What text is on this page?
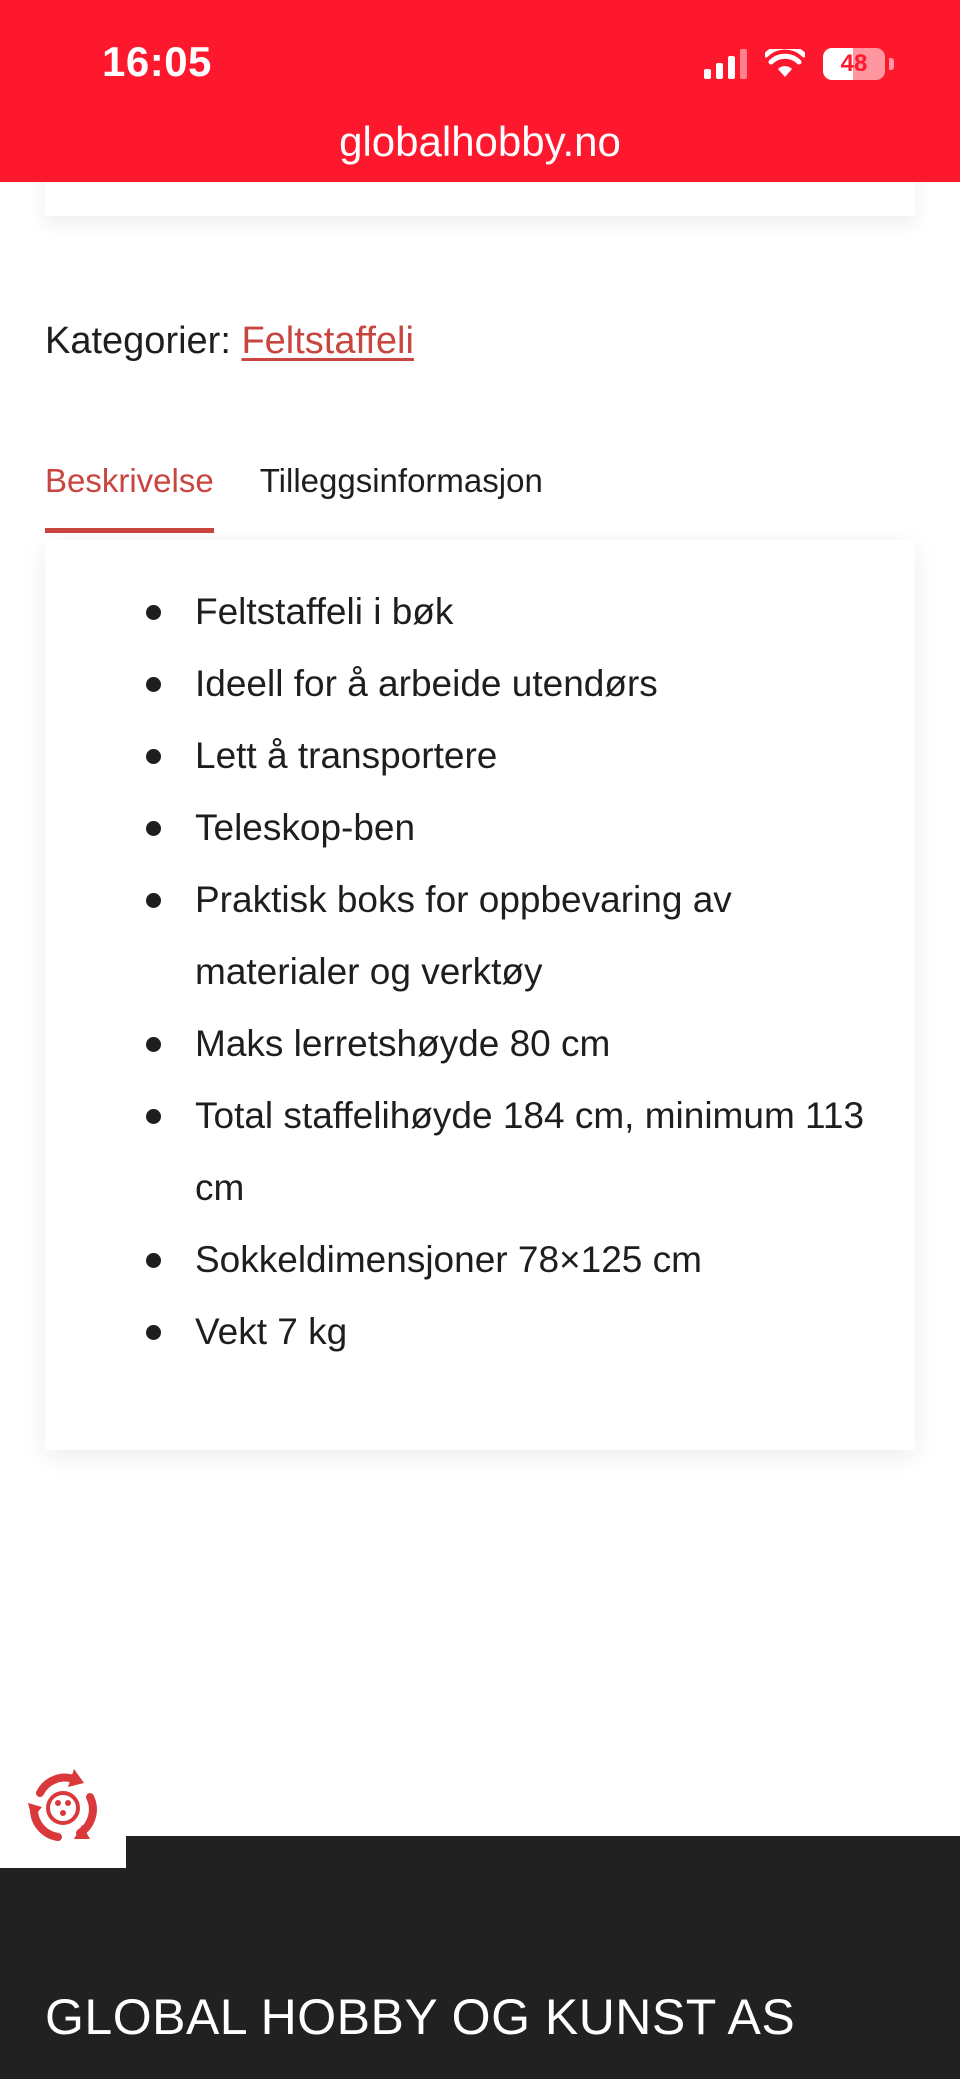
16:05	48
globalhobby.no
Kategorier: Feltstaffeli
Beskrivelse Tilleggsinformasjon
Feltstaffeli i bøk
Ideell for å arbeide utendørs
Lett å transportere
Teleskop-ben
Praktisk boks for oppbevaring av materialer og verktøy
Maks lerretshøyde 80 cm
Total staffelihøyde 184 cm, minimum 113 cm
Sokkeldimensjoner 78×125 cm
Vekt 7 kg
GLOBAL HOBBY OG KUNST AS
